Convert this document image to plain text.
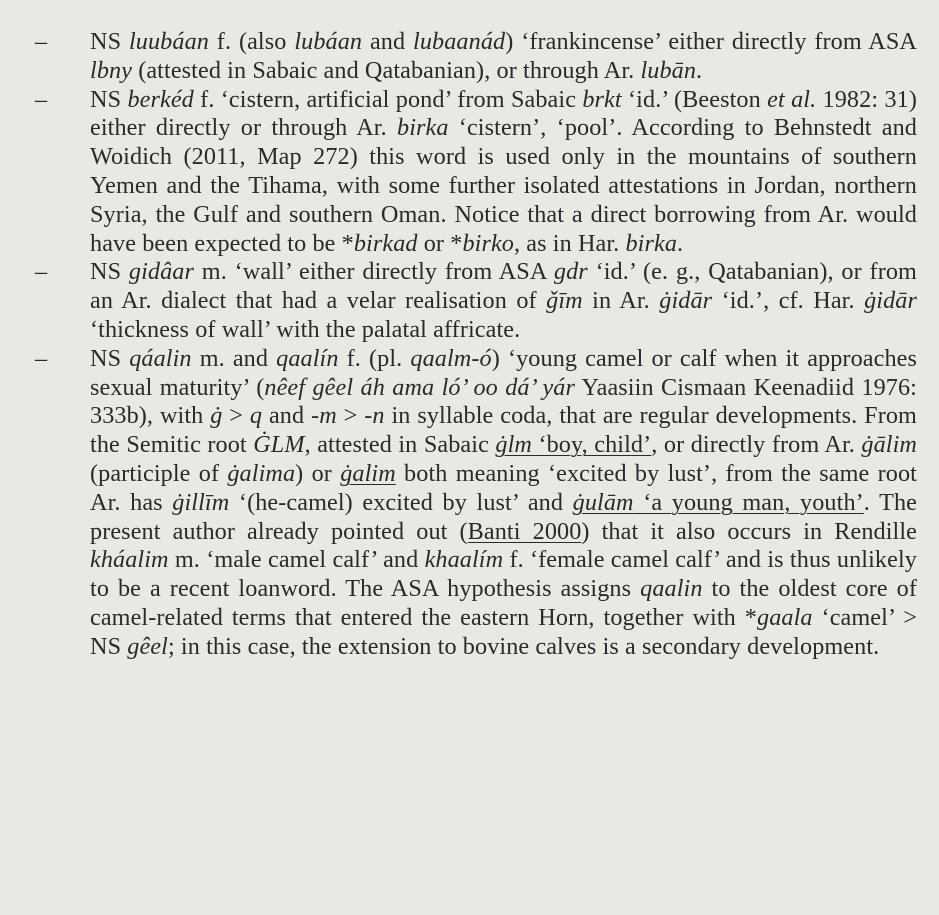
–	NS luubáan f. (also lubáan and lubaanád) ‘frankincense’ either directly from ASA lbny (attested in Sabaic and Qatabanian), or through Ar. lubān.
–	NS berkéd f. ‘cistern, artificial pond’ from Sabaic brkt ‘id.’ (Beeston et al. 1982: 31) either directly or through Ar. birka ‘cistern’, ‘pool’. According to Behnstedt and Woidich (2011, Map 272) this word is used only in the mountains of southern Yemen and the Tihama, with some further isolated attestations in Jordan, northern Syria, the Gulf and southern Oman. Notice that a direct borrowing from Ar. would have been expected to be *birkad or *birko, as in Har. birka.
–	NS gidâar m. ‘wall’ either directly from ASA gdr ‘id.’ (e. g., Qatabanian), or from an Ar. dialect that had a velar realisation of ǧīm in Ar. ġidār ‘id.’, cf. Har. ġidār ‘thickness of wall’ with the palatal affricate.
–	NS qáalin m. and qaalín f. (pl. qaalm-ó) ‘young camel or calf when it approaches sexual maturity’ (nêef gêel áh ama ló’ oo dá’ yár Yaasiin Cismaan Keenadiid 1976: 333b), with ġ > q and -m > -n in syllable coda, that are regular developments. From the Semitic root ĠLM, attested in Sabaic ġlm ‘boy, child’, or directly from Ar. ġālim (participle of ġalima) or ġalim both meaning ‘excited by lust’, from the same root Ar. has ġillīm ‘(he-camel) excited by lust’ and ġulām ‘a young man, youth’. The present author already pointed out (Banti 2000) that it also occurs in Rendille kháalim m. ‘male camel calf’ and khaalím f. ‘female camel calf’ and is thus unlikely to be a recent loanword. The ASA hypothesis assigns qaalin to the oldest core of camel-related terms that entered the eastern Horn, together with *gaala ‘camel’ > NS gêel; in this case, the extension to bovine calves is a secondary development.
